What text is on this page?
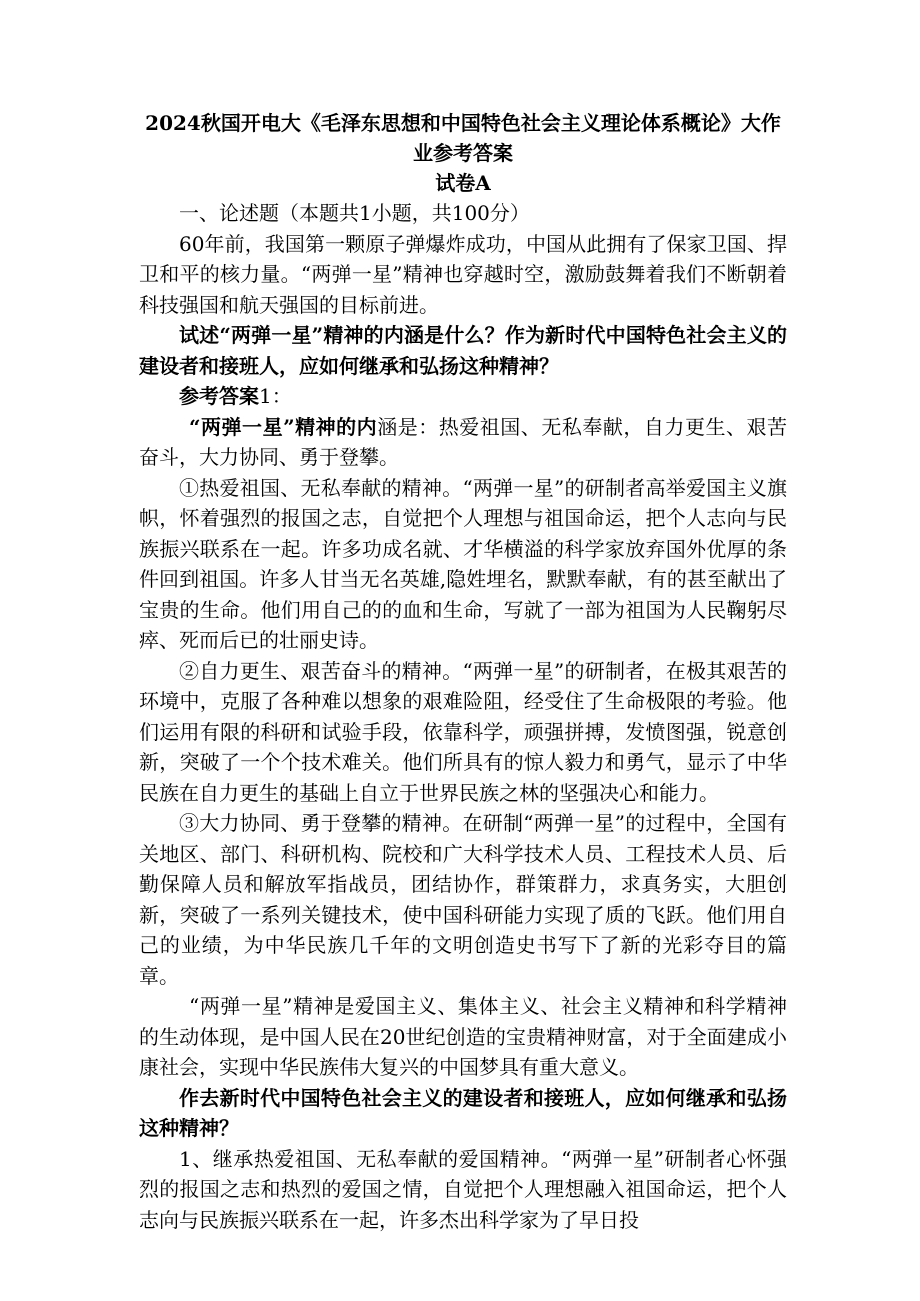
2024秋国开电大《毛泽东思想和中国特色社会主义理论体系概论》大作业参考答案
试卷A

一、论述题（本题共1小题，共100分）

60年前，我国第一颗原子弹爆炸成功，中国从此拥有了保家卫国、捍卫和平的核力量。“两弹一星”精神也穿越时空，激励鼓舞着我们不断朝着科技强国和航天强国的目标前进。

试述“两弹一星”精神的内涵是什么？作为新时代中国特色社会主义的建设者和接班人，应如何继承和弘扬这种精神？

参考答案1：

“两弹一星”精神的内涵是：热爱祖国、无私奉献，自力更生、艰苦奋斗，大力协同、勇于登攀。

①热爱祖国、无私奉献的精神。“两弹一星”的研制者高举爱国主义旗帜，怀着强烈的报国之志，自觉把个人理想与祖国命运，把个人志向与民族振兴联系在一起。许多功成名就、才华横溢的科学家放弃国外优厚的条件回到祖国。许多人甘当无名英雄,隐姓埋名，默默奉献，有的甚至献出了宝贵的生命。他们用自己的的血和生命，写就了一部为祖国为人民鞠躬尽瘁、死而后已的壮丽史诗。

②自力更生、艰苦奋斗的精神。“两弹一星”的研制者，在极其艰苦的环境中，克服了各种难以想象的艰难险阻，经受住了生命极限的考验。他们运用有限的科研和试验手段，依靠科学，顽强拼搏，发愤图强，锐意创新，突破了一个个技术难关。他们所具有的惊人毅力和勇气，显示了中华民族在自力更生的基础上自立于世界民族之林的坚强决心和能力。

③大力协同、勇于登攀的精神。在研制“两弹一星”的过程中，全国有关地区、部门、科研机构、院校和广大科学技术人员、工程技术人员、后勤保障人员和解放军指战员，团结协作，群策群力，求真务实，大胆创新，突破了一系列关键技术，使中国科研能力实现了质的飞跃。他们用自己的业绩，为中华民族几千年的文明创造史书写下了新的光彩夺目的篇章。

“两弹一星”精神是爱国主义、集体主义、社会主义精神和科学精神的生动体现，是中国人民在20世纪创造的宝贵精神财富，对于全面建成小康社会，实现中华民族伟大复兴的中国梦具有重大意义。

作去新时代中国特色社会主义的建设者和接班人，应如何继承和弘扬这种精神？

1、继承热爱祖国、无私奉献的爱国精神。“两弹一星”研制者心怀强烈的报国之志和热烈的爱国之情，自觉把个人理想融入祖国命运，把个人志向与民族振兴联系在一起，许多杰出科学家为了早日投
